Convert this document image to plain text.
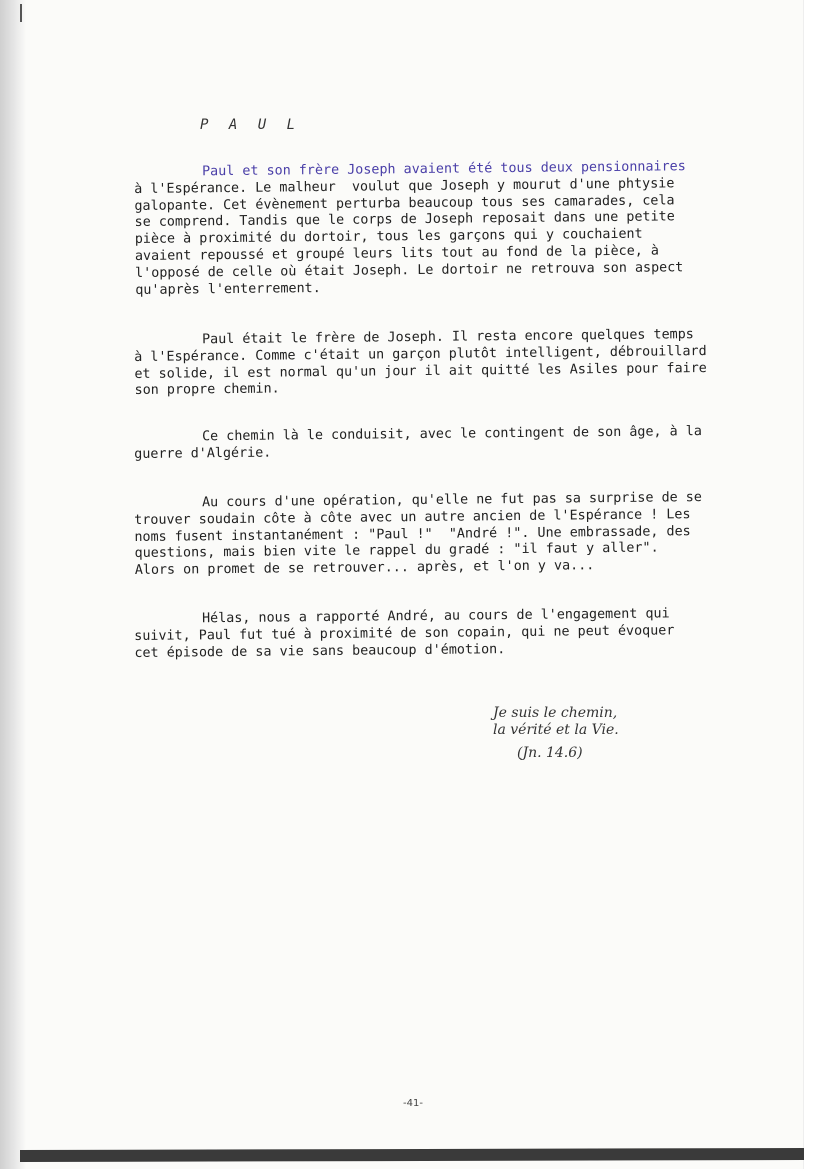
P A U L
Paul et son frère Joseph avaient été tous deux pensionnaires
à l'Espérance. Le malheur  voulut que Joseph y mourut d'une phtysie
galopante. Cet évènement perturba beaucoup tous ses camarades, cela
se comprend. Tandis que le corps de Joseph reposait dans une petite
pièce à proximité du dortoir, tous les garçons qui y couchaient
avaient repoussé et groupé leurs lits tout au fond de la pièce, à
l'opposé de celle où était Joseph. Le dortoir ne retrouva son aspect
qu'après l'enterrement.
Paul était le frère de Joseph. Il resta encore quelques temps
à l'Espérance. Comme c'était un garçon plutôt intelligent, débrouillard
et solide, il est normal qu'un jour il ait quitté les Asiles pour faire
son propre chemin.
Ce chemin là le conduisit, avec le contingent de son âge, à la
guerre d'Algérie.
Au cours d'une opération, qu'elle ne fut pas sa surprise de se
trouver soudain côte à côte avec un autre ancien de l'Espérance ! Les
noms fusent instantanément : "Paul !"  "André !". Une embrassade, des
questions, mais bien vite le rappel du gradé : "il faut y aller".
Alors on promet de se retrouver... après, et l'on y va...
Hélas, nous a rapporté André, au cours de l'engagement qui
suivit, Paul fut tué à proximité de son copain, qui ne peut évoquer
cet épisode de sa vie sans beaucoup d'émotion.
Je suis le chemin,
la vérité et la Vie.
(Jn. 14.6)
-41-
